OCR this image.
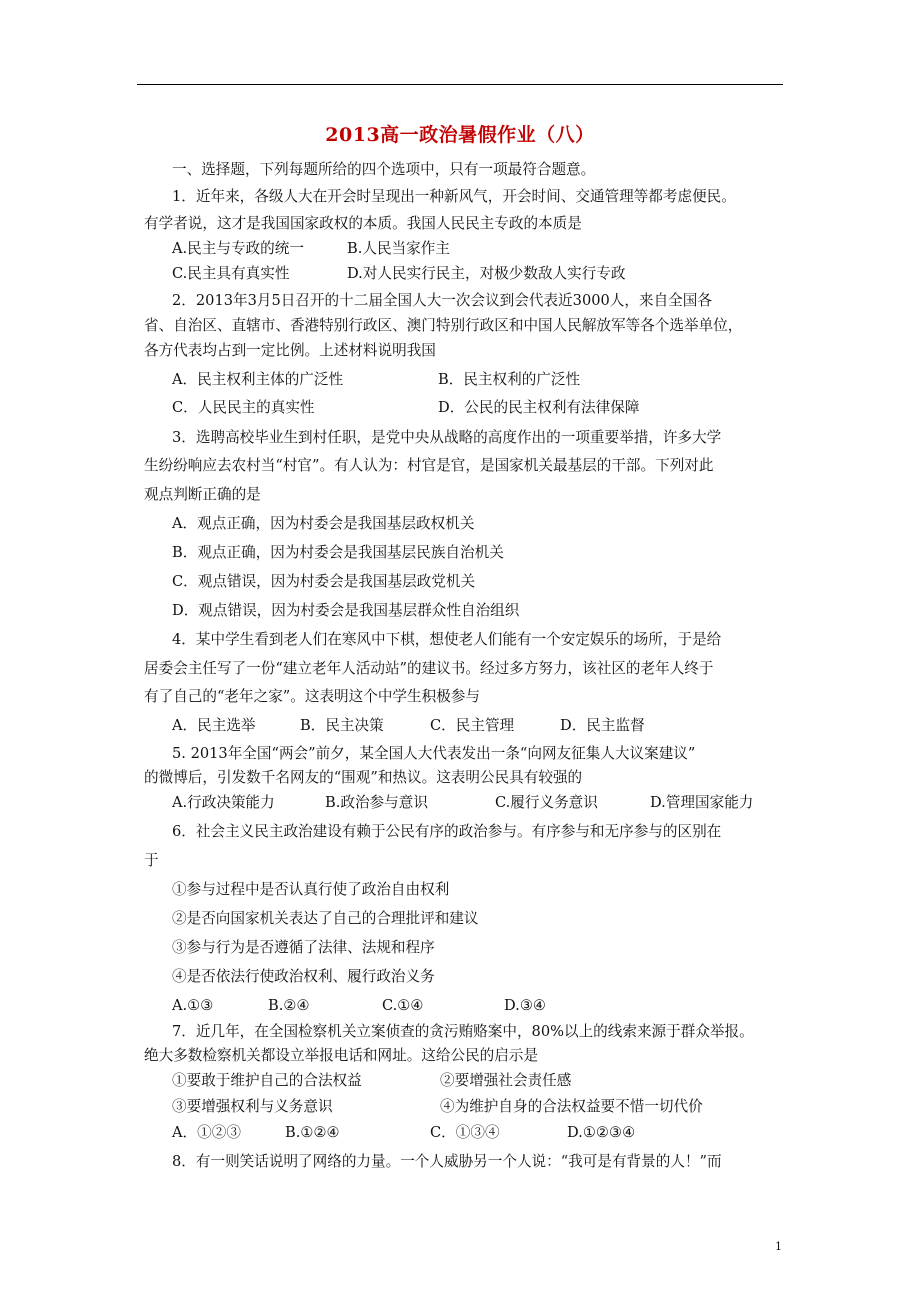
2013高一政治暑假作业（八）
一、选择题，下列每题所给的四个选项中，只有一项最符合题意。
1．近年来，各级人大在开会时呈现出一种新风气，开会时间、交通管理等都考虑便民。
有学者说，这才是我国国家政权的本质。我国人民民主专政的本质是
A.民主与专政的统一	B.人民当家作主
C.民主具有真实性	D.对人民实行民主，对极少数敌人实行专政
2．2013年3月5日召开的十二届全国人大一次会议到会代表近3000人，来自全国各
省、自治区、直辖市、香港特别行政区、澳门特别行政区和中国人民解放军等各个选举单位，
各方代表均占到一定比例。上述材料说明我国
A．民主权利主体的广泛性	B．民主权利的广泛性
C．人民民主的真实性	D．公民的民主权利有法律保障
3．选聘高校毕业生到村任职，是党中央从战略的高度作出的一项重要举措，许多大学
生纷纷响应去农村当“村官”。有人认为：村官是官，是国家机关最基层的干部。下列对此
观点判断正确的是
A．观点正确，因为村委会是我国基层政权机关
B．观点正确，因为村委会是我国基层民族自治机关
C．观点错误，因为村委会是我国基层政党机关
D．观点错误，因为村委会是我国基层群众性自治组织
4．某中学生看到老人们在寒风中下棋，想使老人们能有一个安定娱乐的场所，于是给
居委会主任写了一份“建立老年人活动站”的建议书。经过多方努力，该社区的老年人终于
有了自己的“老年之家”。这表明这个中学生积极参与
A．民主选举	B．民主决策	C．民主管理	D．民主监督
5. 2013年全国“两会”前夕，某全国人大代表发出一条“向网友征集人大议案建议”
的微博后，引发数千名网友的“围观”和热议。这表明公民具有较强的
A.行政决策能力	B.政治参与意识	C.履行义务意识	D.管理国家能力
6．社会主义民主政治建设有赖于公民有序的政治参与。有序参与和无序参与的区别在
于
①参与过程中是否认真行使了政治自由权利
②是否向国家机关表达了自己的合理批评和建议
③参与行为是否遵循了法律、法规和程序
④是否依法行使政治权利、履行政治义务
A.①③	B.②④	C.①④	D.③④
7．近几年，在全国检察机关立案侦查的贪污贿赂案中，80%以上的线索来源于群众举报。
绝大多数检察机关都设立举报电话和网址。这给公民的启示是
①要敢于维护自己的合法权益	②要增强社会责任感
③要增强权利与义务意识	④为维护自身的合法权益要不惜一切代价
A．①②③	B.①②④	C．①③④	D.①②③④
8．有一则笑话说明了网络的力量。一个人威胁另一个人说：“我可是有背景的人！”而
1
